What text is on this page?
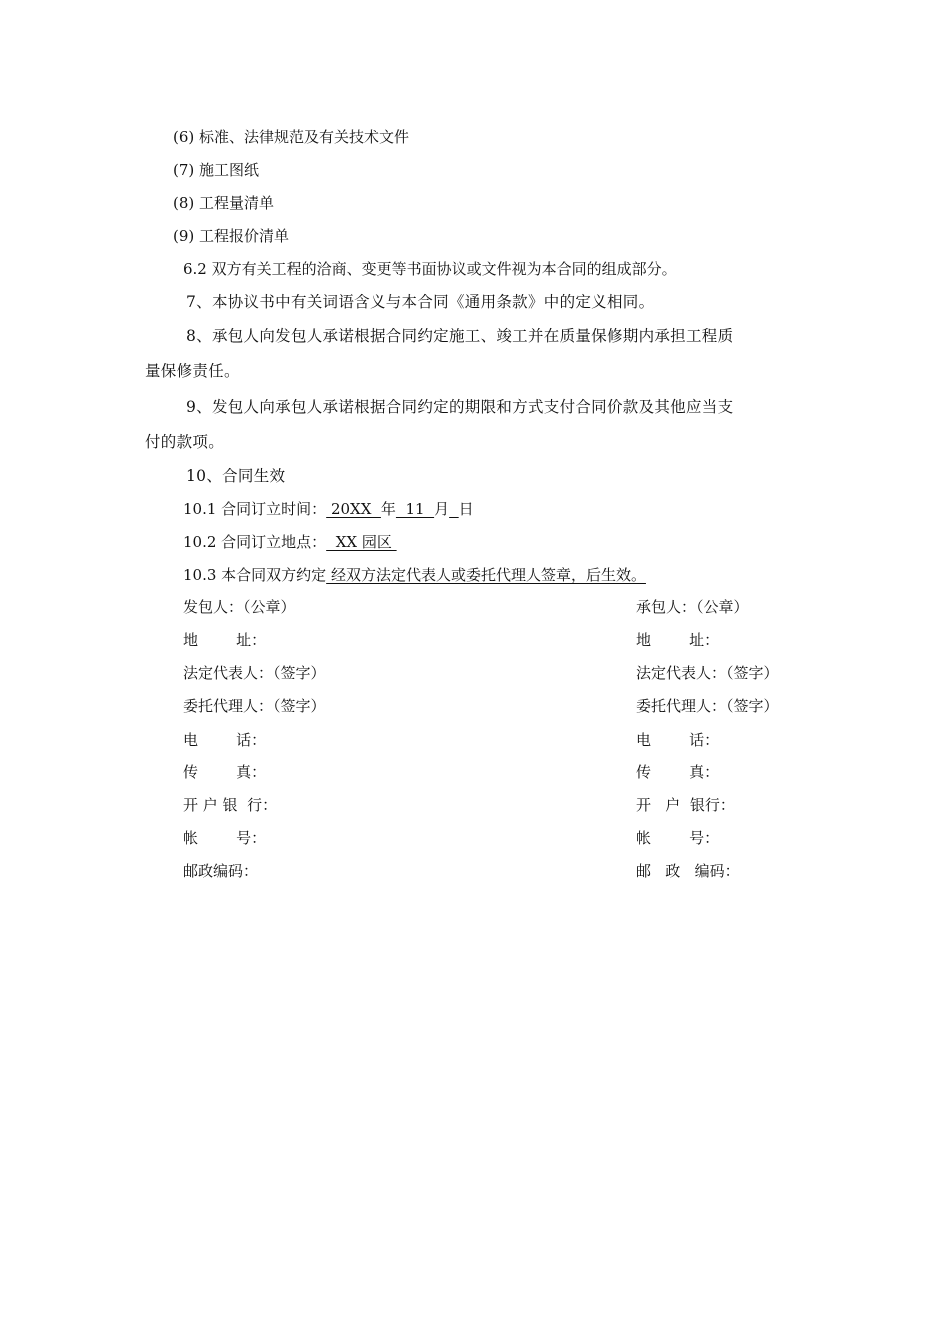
(6) 标准、法律规范及有关技术文件
(7) 施工图纸
(8) 工程量清单
(9) 工程报价清单
6.2 双方有关工程的洽商、变更等书面协议或文件视为本合同的组成部分。
7、本协议书中有关词语含义与本合同《通用条款》中的定义相同。
8、承包人向发包人承诺根据合同约定施工、竣工并在质量保修期内承担工程质
量保修责任。
9、发包人向承包人承诺根据合同约定的期限和方式支付合同价款及其他应当支
付的款项。
10、合同生效
10.1 合同订立时间： 20XX  年  11  月 日
10.2 合同订立地点：  XX 园区
10.3 本合同双方约定 经双方法定代表人或委托代理人签章，后生效。
发包人：（公章）
地        址：
法定代表人：（签字）
委托代理人：（签字）
电        话：
传        真：
开 户 银  行：
帐        号：
邮政编码：
承包人：（公章）
地        址：
法定代表人：（签字）
委托代理人：（签字）
电        话：
传        真：
开   户  银行：
帐        号：
邮   政   编码：
